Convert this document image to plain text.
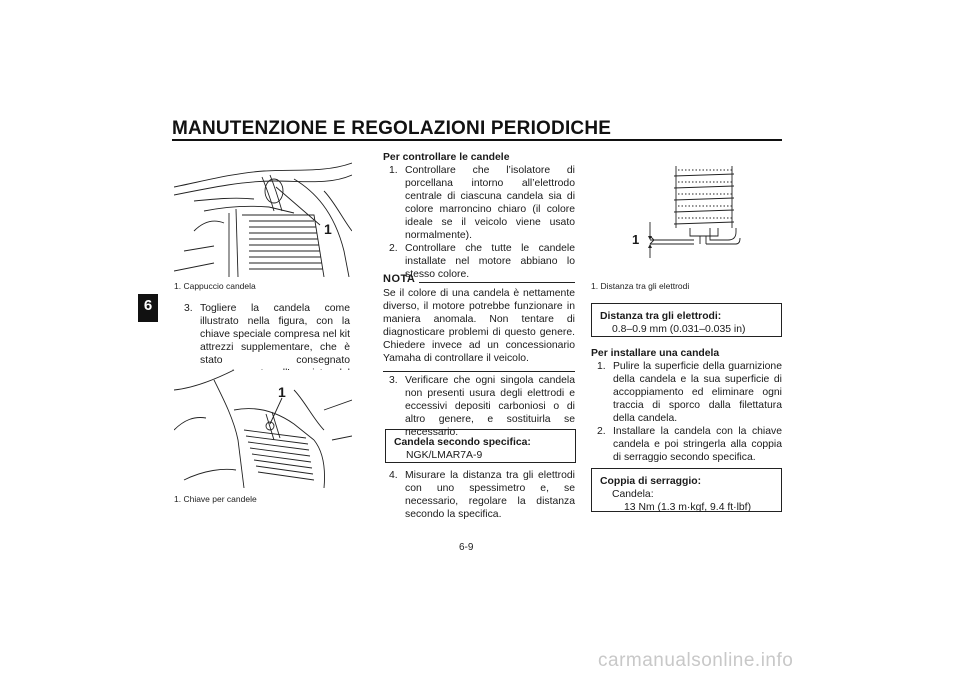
MANUTENZIONE E REGOLAZIONI PERIODICHE
6
1
1. Cappuccio candela
3. Togliere la candela come illustrato nella figura, con la chiave speciale compresa nel kit attrezzi supplementare, che è stato consegnato
1
1. Chiave per candele
Per controllare le candele
1. Controllare che l’isolatore di porcellana intorno all’elettrodo centrale di ciascuna candela sia di colore marroncino chiaro (il colore ideale se il veicolo viene usato normalmente).
2. Controllare che tutte le candele installate nel motore abbiano lo stesso colore.
NOTA
Se il colore di una candela è nettamente diverso, il motore potrebbe funzionare in maniera anomala. Non tentare di diagnosticare problemi di questo genere. Chiedere invece ad un concessionario Yamaha di controllare il veicolo.
3. Verificare che ogni singola candela non presenti usura degli elettrodi e eccessivi depositi carboniosi o di altro genere, e sostituirla se necessario.
Candela secondo specifica:
NGK/LMAR7A-9
4. Misurare la distanza tra gli elettrodi con uno spessimetro e, se necessario, regolare la distanza secondo la specifica.
1
1. Distanza tra gli elettrodi
Distanza tra gli elettrodi:
0.8–0.9 mm (0.031–0.035 in)
Per installare una candela
1. Pulire la superficie della guarnizione della candela e la sua superficie di accoppiamento ed eliminare ogni traccia di sporco dalla filettatura della candela.
2. Installare la candela con la chiave candela e poi stringerla alla coppia di serraggio secondo specifica.
Coppia di serraggio:
Candela:
13 Nm (1.3 m·kgf, 9.4 ft·lbf)
6-9
carmanualsonline.info
